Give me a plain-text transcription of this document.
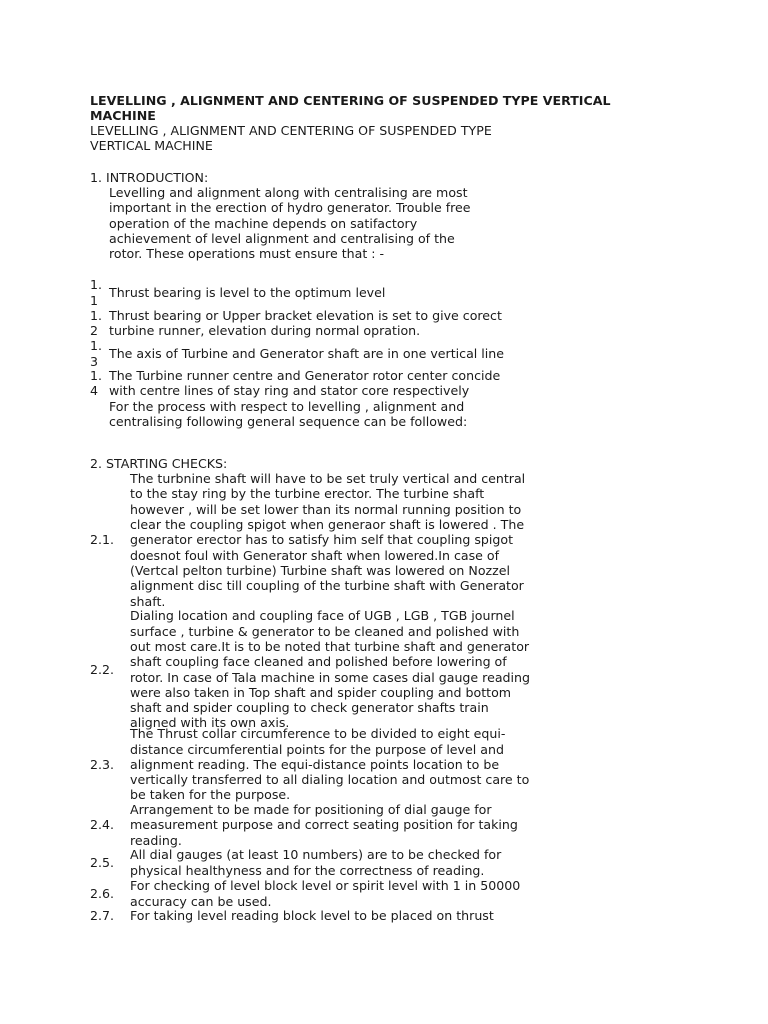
LEVELLING , ALIGNMENT AND CENTERING OF SUSPENDED TYPE VERTICAL MACHINE

LEVELLING , ALIGNMENT AND CENTERING OF SUSPENDED TYPE VERTICAL MACHINE

1. INTRODUCTION:

Levelling and alignment along with centralising are most important in the erection of hydro generator. Trouble free operation of the machine depends on satifactory achievement of level alignment and centralising of the rotor. These operations must ensure that : -

1.
1
Thrust bearing is level to the optimum level
1.
2
Thrust bearing or Upper bracket elevation is set to give corect turbine runner, elevation during normal opration.
1.
3
The axis of Turbine and Generator shaft are in one vertical line
1.
4
The Turbine runner centre and Generator rotor center concide with centre lines of stay ring and stator core respectively

For the process with respect to levelling , alignment and centralising following general sequence can be followed:

2. STARTING CHECKS:

2.1.
The turbnine shaft will have to be set truly vertical and central to the stay ring by the turbine erector. The turbine shaft however , will be set lower than its normal running position to clear the coupling spigot when generaor shaft is lowered . The generator erector has to satisfy him self that coupling spigot doesnot foul with Generator shaft when lowered.In case of (Vertcal pelton turbine) Turbine shaft was lowered on Nozzel alignment disc till coupling of the turbine shaft with Generator shaft.
2.2.
Dialing location and coupling face of UGB , LGB , TGB journel surface , turbine & generator to be cleaned and polished with out most care.It is to be noted that turbine shaft and generator shaft coupling face cleaned and polished before lowering of rotor. In case of Tala machine in some cases dial gauge reading were also taken in Top shaft and spider coupling and bottom shaft and spider coupling to check generator shafts train aligned with its own axis.
2.3.
The Thrust collar circumference to be divided to eight equi-distance circumferential points for the purpose of level and alignment reading. The equi-distance points location to be vertically transferred to all dialing location and outmost care to be taken for the purpose.
2.4.
Arrangement to be made for positioning of dial gauge for measurement purpose and correct seating position for taking reading.
2.5.
All dial gauges (at least 10 numbers) are to be checked for physical healthyness and for the correctness of reading.
2.6.
For checking of level block level or spirit level with 1 in 50000 accuracy can be used.
2.7.	For taking level reading block level to be placed on thrust
